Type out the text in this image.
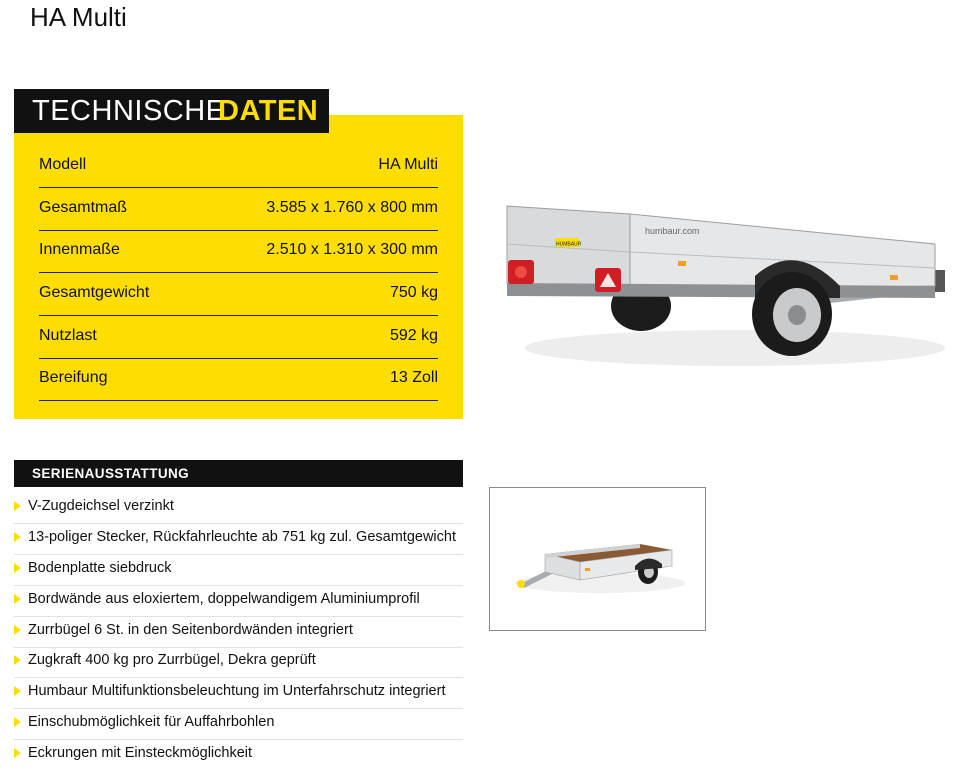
HA Multi
TECHNISCHE
DATEN
Modell	HA Multi
Gesamtmaß	3.585 x 1.760 x 800 mm
Innenmaße	2.510 x 1.310 x 300 mm
Gesamtgewicht	750 kg
Nutzlast	592 kg
Bereifung	13 Zoll
HUMBAUR
humbaur.com
SERIENAUSSTATTUNG
V-Zugdeichsel verzinkt
13-poliger Stecker, Rückfahrleuchte ab 751 kg zul. Gesamtgewicht
Bodenplatte siebdruck
Bordwände aus eloxiertem, doppelwandigem Aluminiumprofil
Zurrbügel 6 St. in den Seitenbordwänden integriert
Zugkraft 400 kg pro Zurrbügel, Dekra geprüft
Humbaur Multifunktionsbeleuchtung im Unterfahrschutz integriert
Einschubmöglichkeit für Auffahrbohlen
Eckrungen mit Einsteckmöglichkeit
